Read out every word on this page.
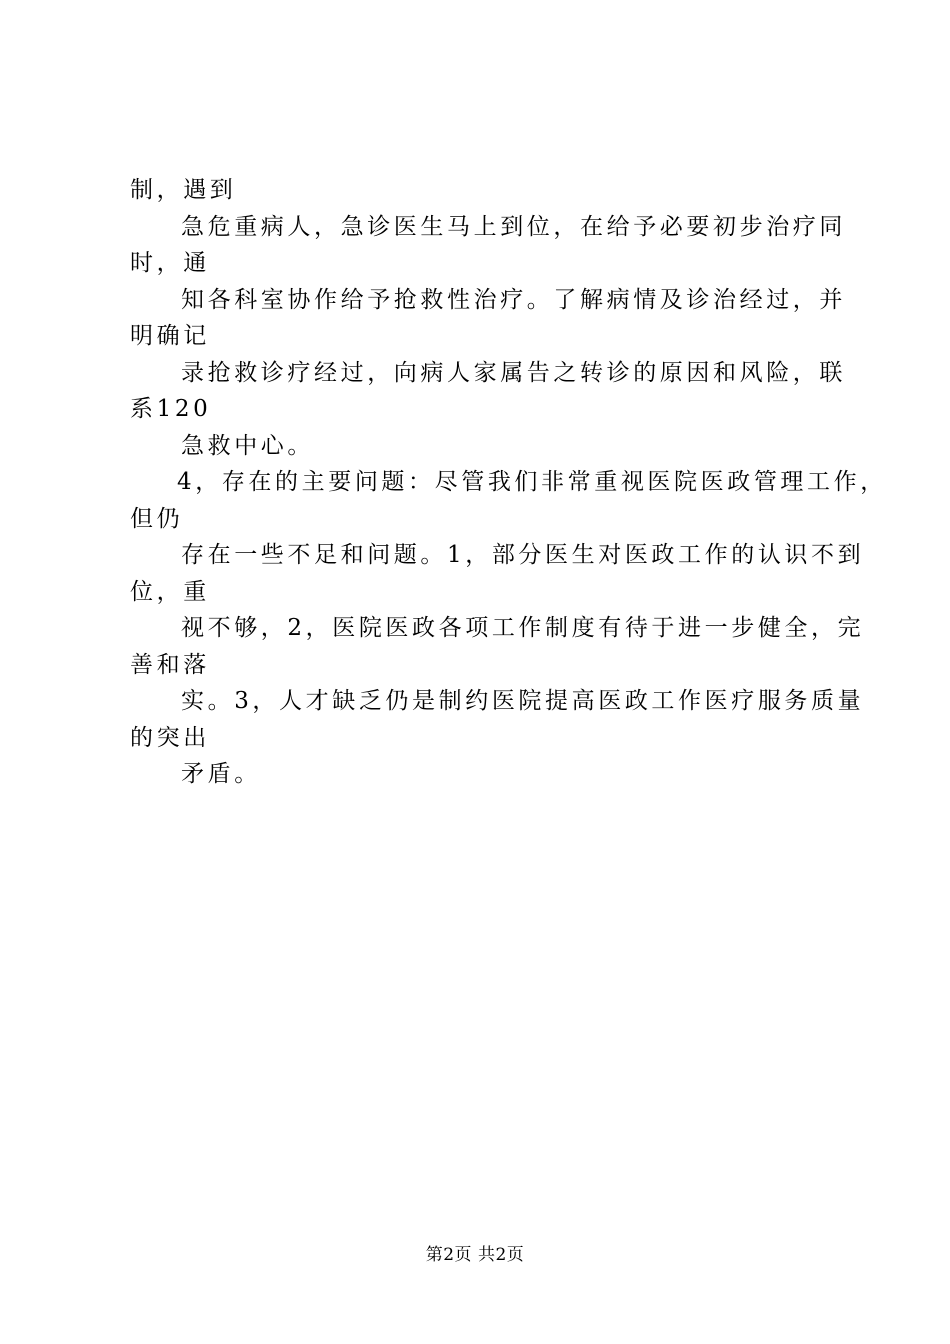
制，遇到
急危重病人，急诊医生马上到位，在给予必要初步治疗同
时，通
知各科室协作给予抢救性治疗。了解病情及诊治经过，并
明确记
录抢救诊疗经过，向病人家属告之转诊的原因和风险，联
系120
急救中心。
4，存在的主要问题：尽管我们非常重视医院医政管理工作，
但仍
存在一些不足和问题。1，部分医生对医政工作的认识不到
位，重
视不够，2，医院医政各项工作制度有待于进一步健全，完
善和落
实。3，人才缺乏仍是制约医院提高医政工作医疗服务质量
的突出
矛盾。
第2页 共2页
